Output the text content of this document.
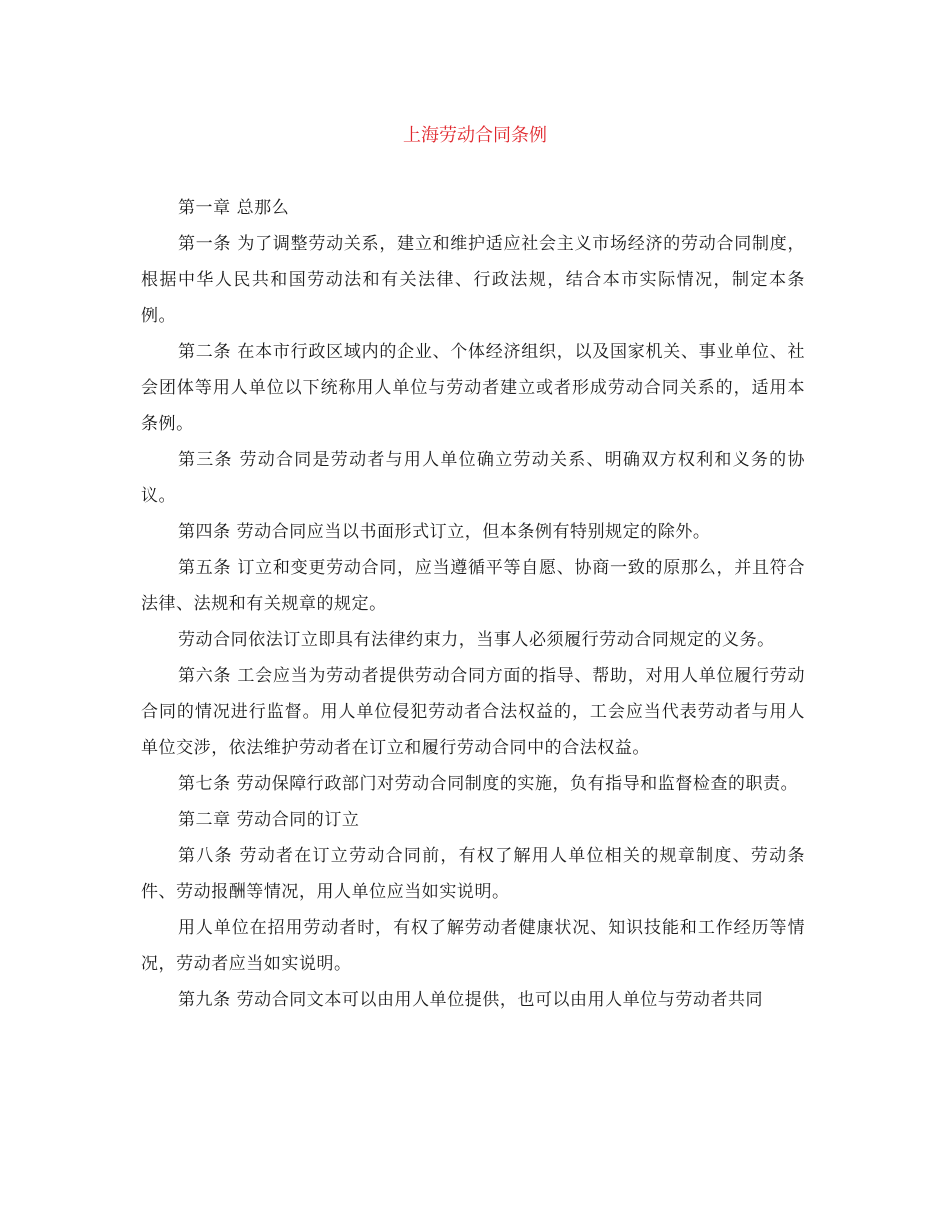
上海劳动合同条例

第一章 总那么

第一条 为了调整劳动关系，建立和维护适应社会主义市场经济的劳动合同制度，根据中华人民共和国劳动法和有关法律、行政法规，结合本市实际情况，制定本条例。

第二条 在本市行政区域内的企业、个体经济组织，以及国家机关、事业单位、社会团体等用人单位以下统称用人单位与劳动者建立或者形成劳动合同关系的，适用本条例。

第三条 劳动合同是劳动者与用人单位确立劳动关系、明确双方权利和义务的协议。

第四条 劳动合同应当以书面形式订立，但本条例有特别规定的除外。

第五条 订立和变更劳动合同，应当遵循平等自愿、协商一致的原那么，并且符合法律、法规和有关规章的规定。

劳动合同依法订立即具有法律约束力，当事人必须履行劳动合同规定的义务。

第六条 工会应当为劳动者提供劳动合同方面的指导、帮助，对用人单位履行劳动合同的情况进行监督。用人单位侵犯劳动者合法权益的，工会应当代表劳动者与用人单位交涉，依法维护劳动者在订立和履行劳动合同中的合法权益。

第七条 劳动保障行政部门对劳动合同制度的实施，负有指导和监督检查的职责。

第二章 劳动合同的订立

第八条 劳动者在订立劳动合同前，有权了解用人单位相关的规章制度、劳动条件、劳动报酬等情况，用人单位应当如实说明。

用人单位在招用劳动者时，有权了解劳动者健康状况、知识技能和工作经历等情况，劳动者应当如实说明。

第九条 劳动合同文本可以由用人单位提供，也可以由用人单位与劳动者共同
